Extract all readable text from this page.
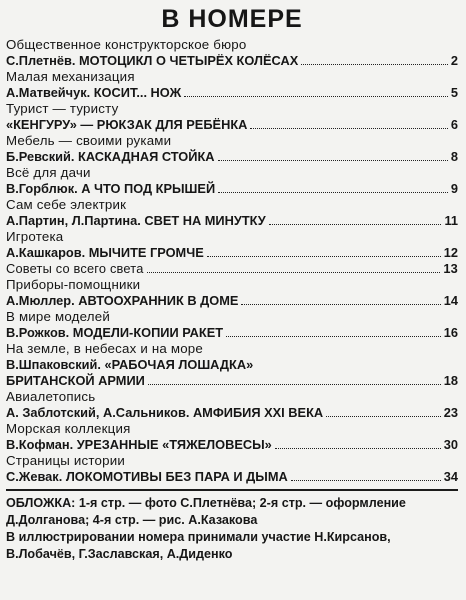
В НОМЕРЕ
Общественное конструкторское бюро
С.Плетнёв.
МОТОЦИКЛ О ЧЕТЫРЁХ КОЛЁСАХ	2
Малая механизация
А.Матвейчук.
КОСИТ... НОЖ	5
Турист — туристу
«КЕНГУРУ» — РЮКЗАК ДЛЯ РЕБЁНКА	6
Мебель — своими руками
Б.Ревский.
КАСКАДНАЯ СТОЙКА	8
Всё для дачи
В.Горблюк.
А ЧТО ПОД КРЫШЕЙ	9
Сам себе электрик
А.Партин, Л.Партина.
СВЕТ НА МИНУТКУ	11
Игротека
А.Кашкаров.
МЫЧИТЕ ГРОМЧЕ	12
Советы со всего света	13
Приборы-помощники
А.Мюллер.
АВТООХРАННИК В ДОМЕ	14
В мире моделей
В.Рожков.
МОДЕЛИ-КОПИИ РАКЕТ	16
На земле, в небесах и на море
В.Шпаковский.
«РАБОЧАЯ ЛОШАДКА»
БРИТАНСКОЙ АРМИИ	18
Авиалетопись
А. Заблотский, А.Сальников.
АМФИБИЯ XXI ВЕКА	23
Морская коллекция
В.Кофман.
УРЕЗАННЫЕ «ТЯЖЕЛОВЕСЫ»	30
Страницы истории
С.Жевак.
ЛОКОМОТИВЫ БЕЗ ПАРА И ДЫМА	34
ОБЛОЖКА: 1-я стр. — фото С.Плетнёва; 2-я стр. — оформление
Д.Долганова; 4-я стр. — рис. А.Казакова
В иллюстрировании номера принимали участие Н.Кирсанов,
В.Лобачёв, Г.Заславская, А.Диденко
